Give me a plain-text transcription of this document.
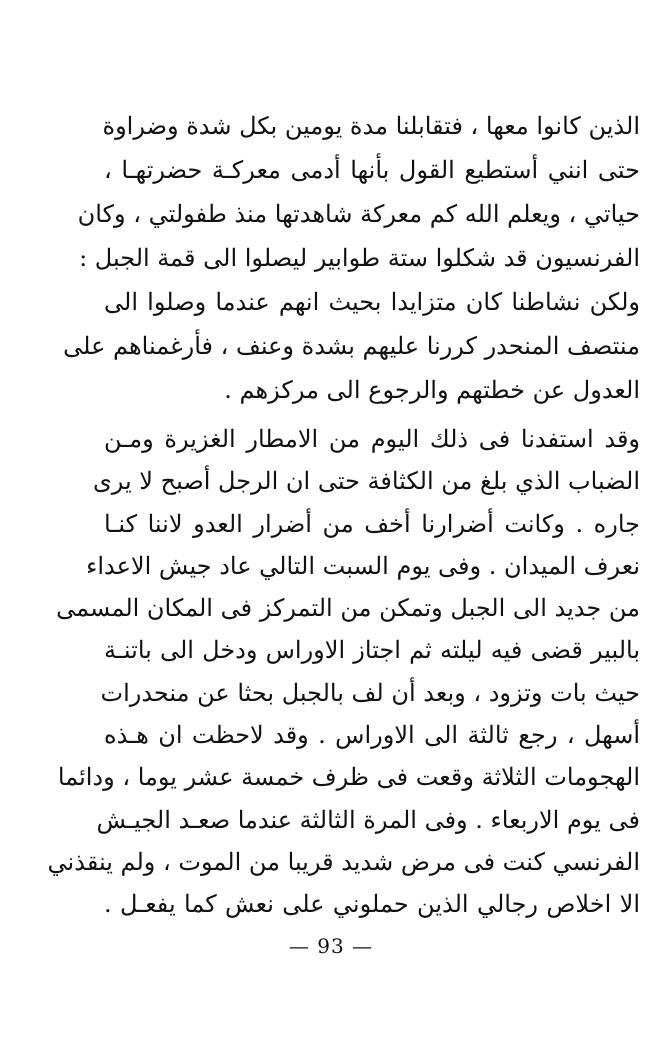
الذين كانوا معها ، فتقابلنا مدة يومين بكل شدة وضراوة
حتى انني أستطيع القول بأنها أدمى معركـة حضرتهـا ،
حياتي ، ويعلم الله كم معركة شاهدتها منذ طفولتي ، وكان
الفرنسيون قد شكلوا ستة طوابير ليصلوا الى قمة الجبل :
ولكن نشاطنا كان متزايدا بحيث انهم عندما وصلوا الى
منتصف المنحدر كررنا عليهم بشدة وعنف ، فأرغمناهم على
العدول عن خطتهم والرجوع الى مركزهم .
وقد استفدنا فى ذلك اليوم من الامطار الغزيرة ومـن
الضباب الذي بلغ من الكثافة حتى ان الرجل أصبح لا يرى
جاره . وكانت أضرارنا أخف من أضرار العدو لاننا كنـا
نعرف الميدان . وفى يوم السبت التالي عاد جيش الاعداء
من جديد الى الجبل وتمكن من التمركز فى المكان المسمى
بالبير قضى فيه ليلته ثم اجتاز الاوراس ودخل الى باتنـة
حيث بات وتزود ، وبعد أن لف بالجبل بحثا عن منحدرات
أسهل ، رجع ثالثة الى الاوراس . وقد لاحظت ان هـذه
الهجومات الثلاثة وقعت فى ظرف خمسة عشر يوما ، ودائما
فى يوم الاربعاء . وفى المرة الثالثة عندما صعـد الجيـش
الفرنسي كنت فى مرض شديد قريبا من الموت ، ولم ينقذني
الا اخلاص رجالي الذين حملوني على نعش كما يفعـل .
— 93 —
